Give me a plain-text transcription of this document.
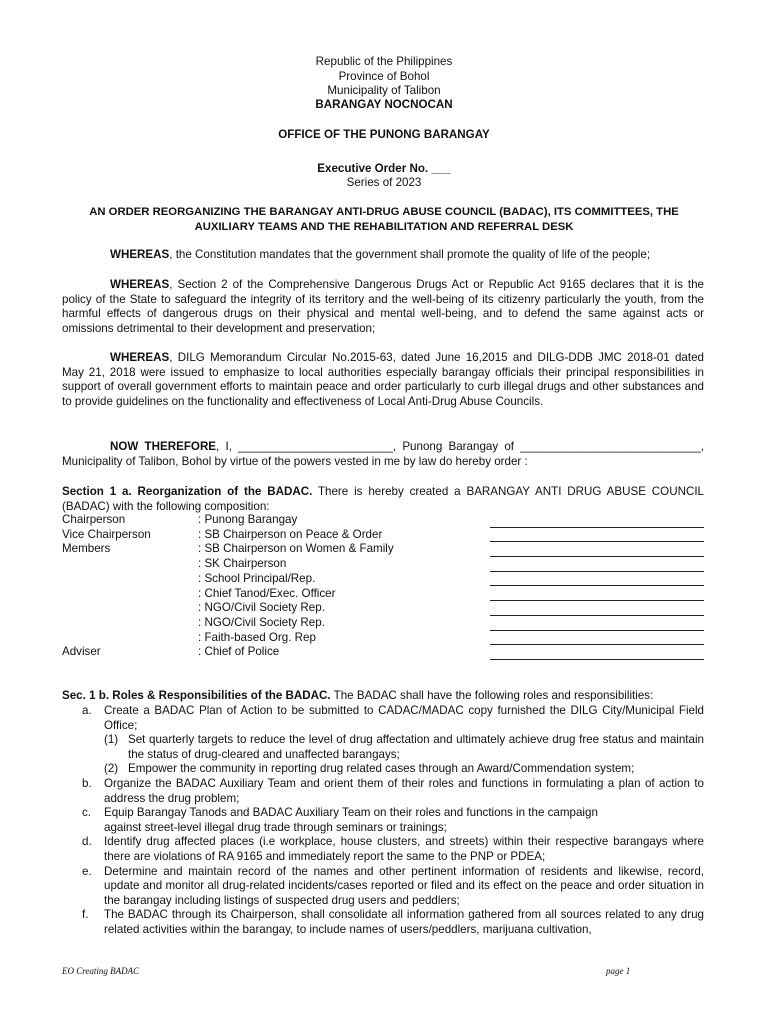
Republic of the Philippines
Province of Bohol
Municipality of Talibon
BARANGAY NOCNOCAN
OFFICE OF THE PUNONG BARANGAY
Executive Order No. ___
Series of 2023
AN ORDER REORGANIZING THE BARANGAY ANTI-DRUG ABUSE COUNCIL (BADAC), ITS COMMITTEES, THE
AUXILIARY TEAMS AND THE REHABILITATION AND REFERRAL DESK

WHEREAS, the Constitution mandates that the government shall promote the quality of life of the people;

WHEREAS, Section 2 of the Comprehensive Dangerous Drugs Act or Republic Act 9165 declares that it is the policy of the State to safeguard the integrity of its territory and the well-being of its citizenry particularly the youth, from the harmful effects of dangerous drugs on their physical and mental well-being, and to defend the same against acts or omissions detrimental to their development and preservation;

WHEREAS, DILG Memorandum Circular No.2015-63, dated June 16,2015 and DILG-DDB JMC 2018-01 dated May 21, 2018 were issued to emphasize to local authorities especially barangay officials their principal responsibilities in support of overall government efforts to maintain peace and order particularly to curb illegal drugs and other substances and to provide guidelines on the functionality and effectiveness of Local Anti-Drug Abuse Councils.

NOW THEREFORE, I, ________________________, Punong Barangay of ____________________________, Municipality of Talibon, Bohol by virtue of the powers vested in me by law do hereby order :

Section 1 a. Reorganization of the BADAC. There is hereby created a BARANGAY ANTI DRUG ABUSE COUNCIL (BADAC) with the following composition:

Chairperson	: Punong Barangay
Vice Chairperson	: SB Chairperson on Peace & Order
Members	: SB Chairperson on Women & Family
: SK Chairperson
: School Principal/Rep.
: Chief Tanod/Exec. Officer
: NGO/Civil Society Rep.
: NGO/Civil Society Rep.
: Faith-based Org. Rep
Adviser	: Chief of Police

Sec. 1 b. Roles & Responsibilities of the BADAC. The BADAC shall have the following roles and responsibilities:

a.	Create a BADAC Plan of Action to be submitted to CADAC/MADAC copy furnished the DILG City/Municipal Field Office;
(1) Set quarterly targets to reduce the level of drug affectation and ultimately achieve drug free status and maintain the status of drug-cleared and unaffected barangays;
(2) Empower the community in reporting drug related cases through an Award/Commendation system;
b.	Organize the BADAC Auxiliary Team and orient them of their roles and functions in formulating a plan of action to address the drug problem;
c.	Equip Barangay Tanods and BADAC Auxiliary Team on their roles and functions in the campaign
against street-level illegal drug trade through seminars or trainings;
d.	Identify drug affected places (i.e workplace, house clusters, and streets) within their respective barangays where there are violations of RA 9165 and immediately report the same to the PNP or PDEA;
e.	Determine and maintain record of the names and other pertinent information of residents and likewise, record, update and monitor all drug-related incidents/cases reported or filed and its effect on the peace and order situation in the barangay including listings of suspected drug users and peddlers;
f.	The BADAC through its Chairperson, shall consolidate all information gathered from all sources related to any drug related activities within the barangay, to include names of users/peddlers, marijuana cultivation,
EO Creating BADAC	page 1
